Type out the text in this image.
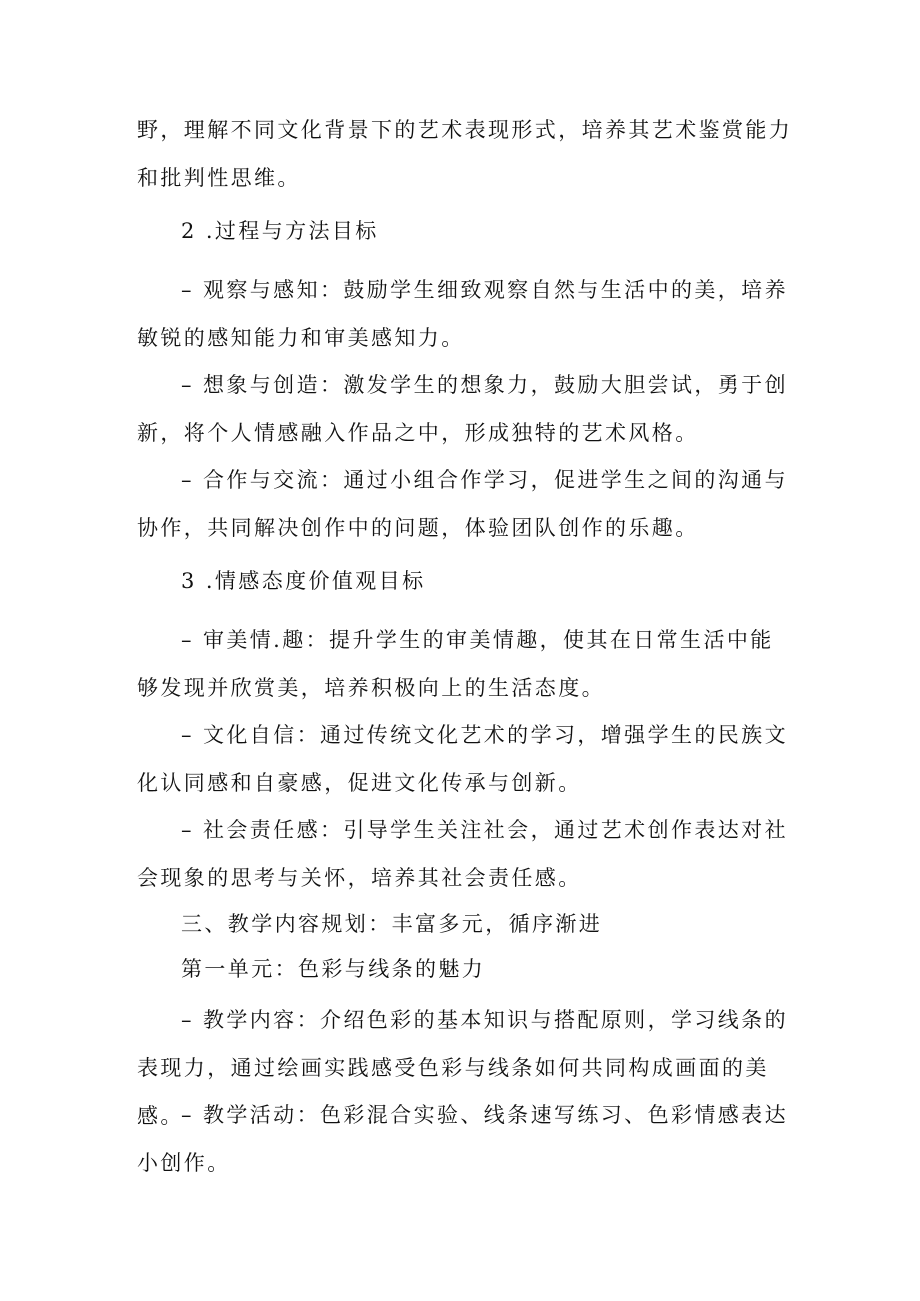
野，理解不同文化背景下的艺术表现形式，培养其艺术鉴赏能力和批判性思维。

2 .过程与方法目标

– 观察与感知：鼓励学生细致观察自然与生活中的美，培养敏锐的感知能力和审美感知力。

– 想象与创造：激发学生的想象力，鼓励大胆尝试，勇于创新，将个人情感融入作品之中，形成独特的艺术风格。

– 合作与交流：通过小组合作学习，促进学生之间的沟通与协作，共同解决创作中的问题，体验团队创作的乐趣。

3 .情感态度价值观目标

– 审美情.趣：提升学生的审美情趣，使其在日常生活中能够发现并欣赏美，培养积极向上的生活态度。

– 文化自信：通过传统文化艺术的学习，增强学生的民族文化认同感和自豪感，促进文化传承与创新。

– 社会责任感：引导学生关注社会，通过艺术创作表达对社会现象的思考与关怀，培养其社会责任感。

三、教学内容规划：丰富多元，循序渐进

第一单元：色彩与线条的魅力

– 教学内容：介绍色彩的基本知识与搭配原则，学习线条的表现力，通过绘画实践感受色彩与线条如何共同构成画面的美感。

– 教学活动：色彩混合实验、线条速写练习、色彩情感表达小创作。
